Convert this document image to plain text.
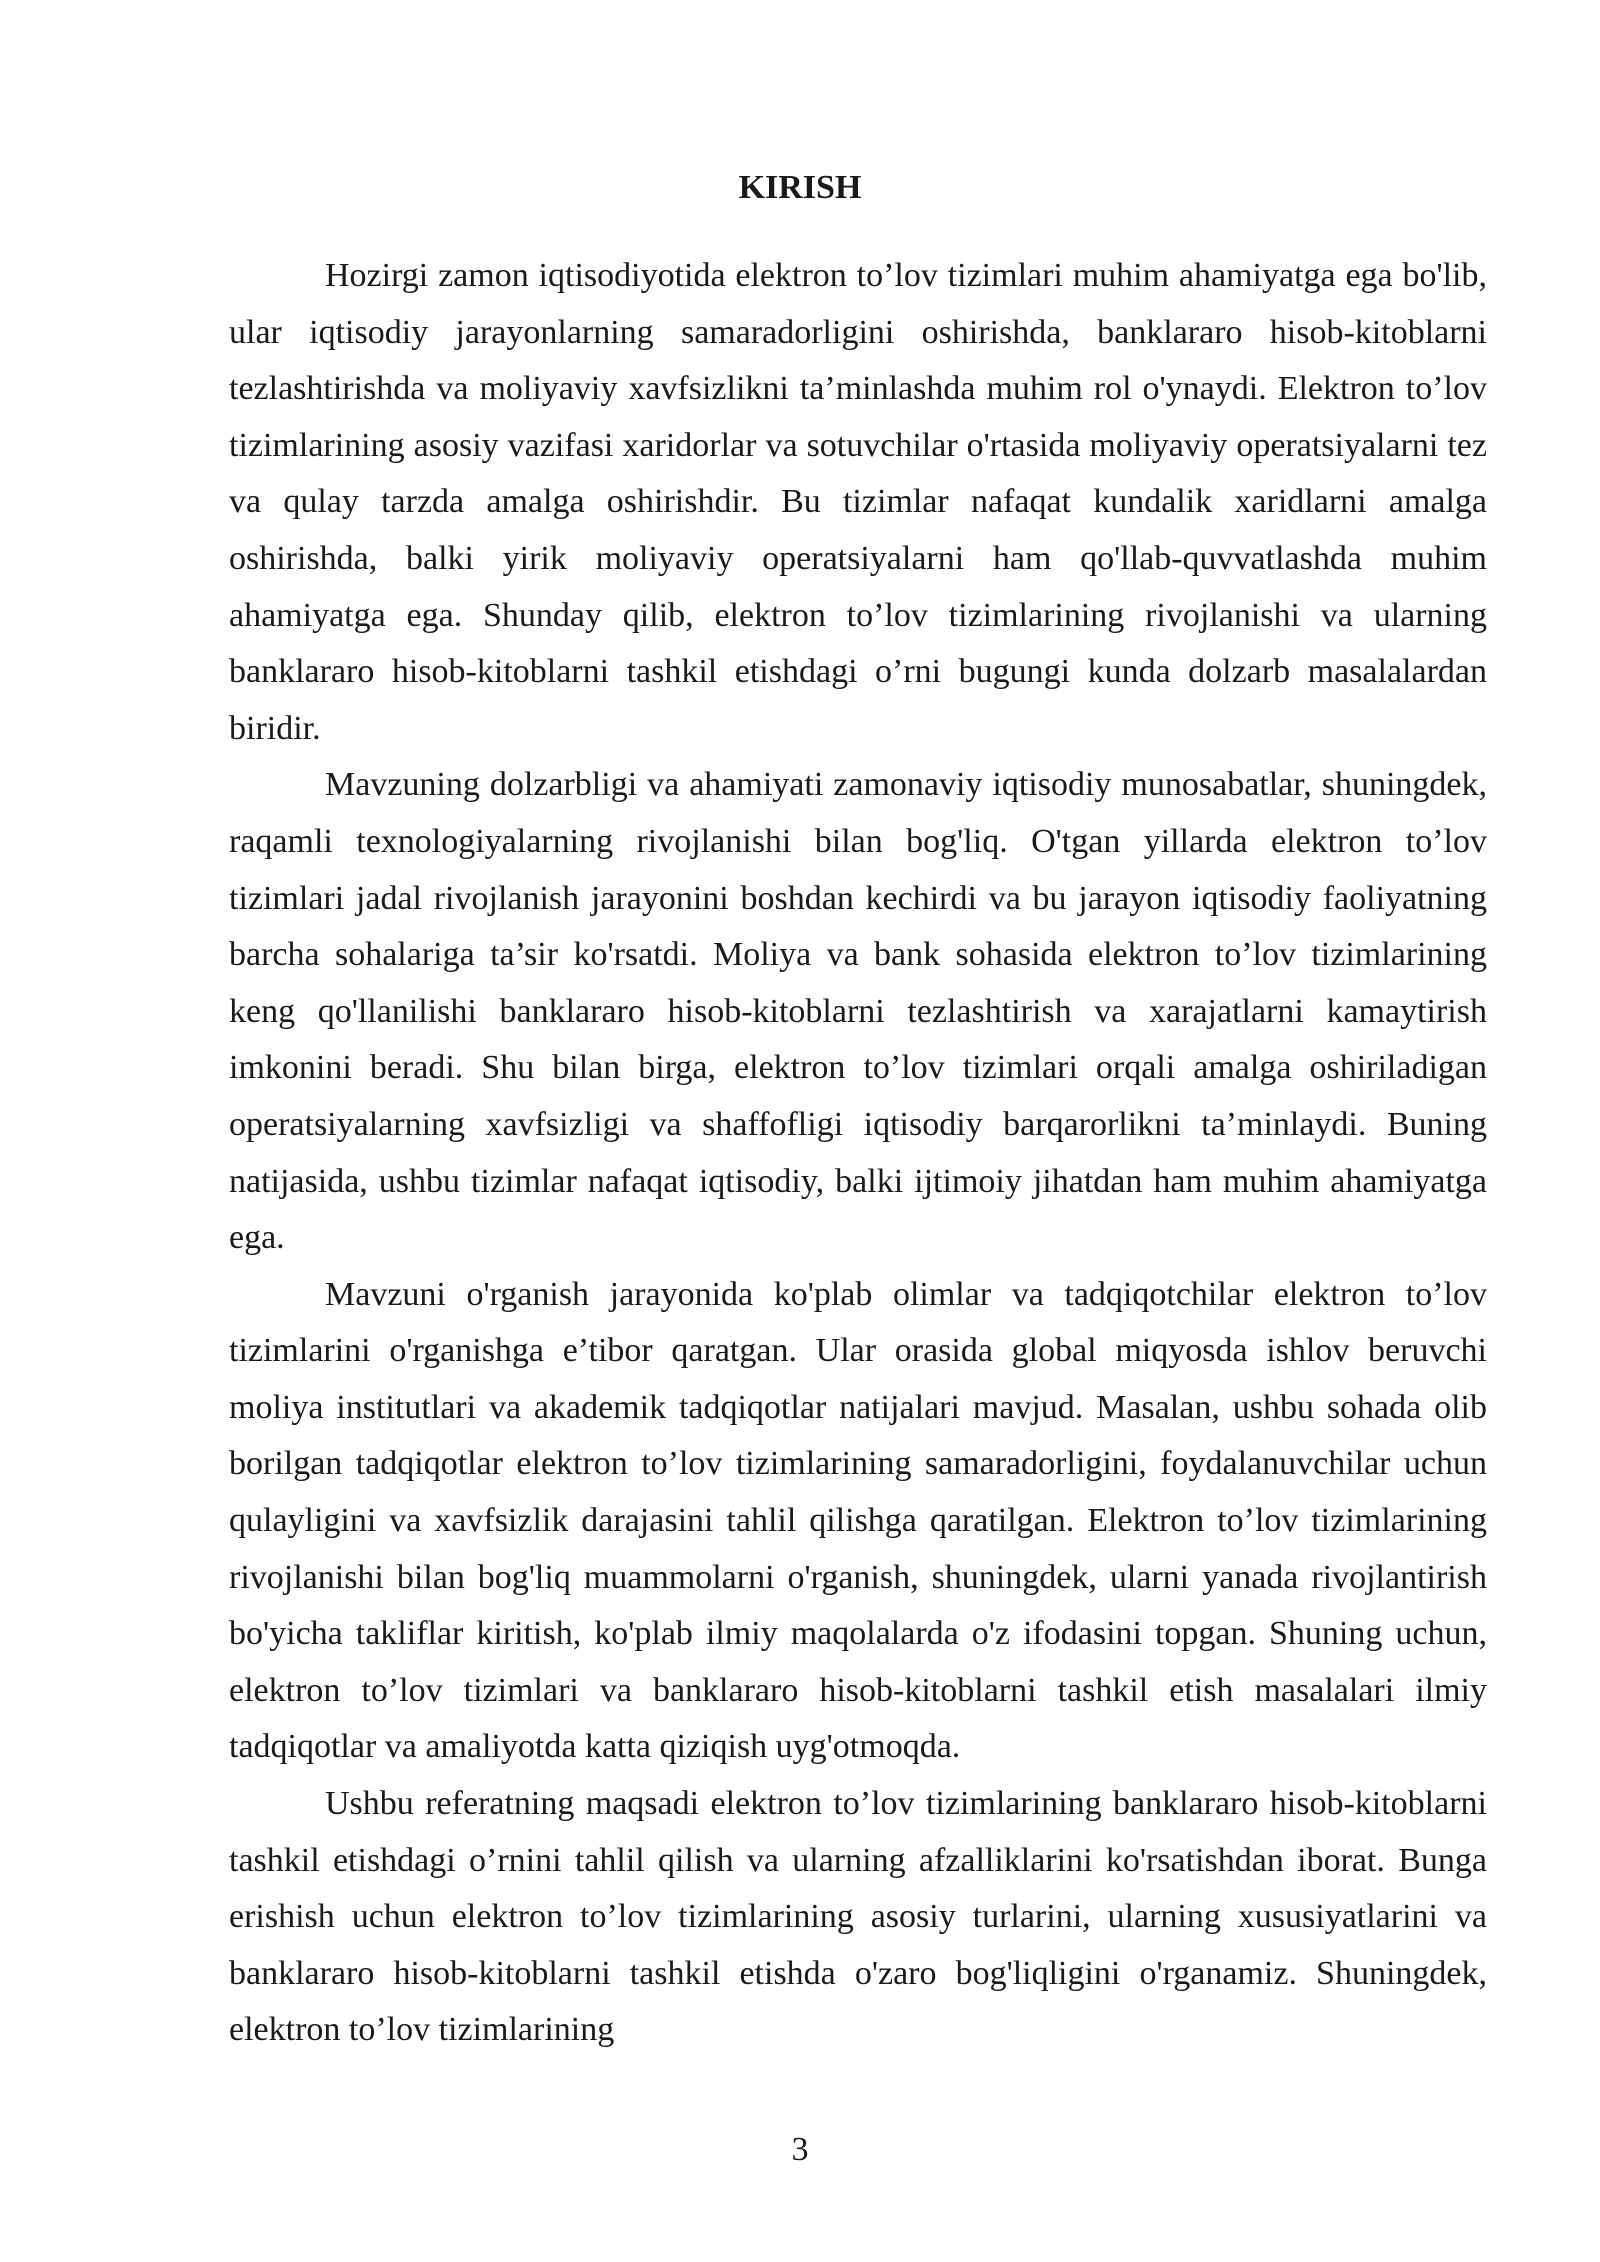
KIRISH

Hozirgi zamon iqtisodiyotida elektron to’lov tizimlari muhim ahamiyatga ega bo'lib, ular iqtisodiy jarayonlarning samaradorligini oshirishda, banklararo hisob-kitoblarni tezlashtirishda va moliyaviy xavfsizlikni ta’minlashda muhim rol o'ynaydi. Elektron to’lov tizimlarining asosiy vazifasi xaridorlar va sotuvchilar o'rtasida moliyaviy operatsiyalarni tez va qulay tarzda amalga oshirishdir. Bu tizimlar nafaqat kundalik xaridlarni amalga oshirishda, balki yirik moliyaviy operatsiyalarni ham qo'llab-quvvatlashda muhim ahamiyatga ega. Shunday qilib, elektron to’lov tizimlarining rivojlanishi va ularning banklararo hisob-kitoblarni tashkil etishdagi o’rni bugungi kunda dolzarb masalalardan biridir.

Mavzuning dolzarbligi va ahamiyati zamonaviy iqtisodiy munosabatlar, shuningdek, raqamli texnologiyalarning rivojlanishi bilan bog'liq. O'tgan yillarda elektron to’lov tizimlari jadal rivojlanish jarayonini boshdan kechirdi va bu jarayon iqtisodiy faoliyatning barcha sohalariga ta’sir ko'rsatdi. Moliya va bank sohasida elektron to’lov tizimlarining keng qo'llanilishi banklararo hisob-kitoblarni tezlashtirish va xarajatlarni kamaytirish imkonini beradi. Shu bilan birga, elektron to’lov tizimlari orqali amalga oshiriladigan operatsiyalarning xavfsizligi va shaffofligi iqtisodiy barqarorlikni ta’minlaydi. Buning natijasida, ushbu tizimlar nafaqat iqtisodiy, balki ijtimoiy jihatdan ham muhim ahamiyatga ega.

Mavzuni o'rganish jarayonida ko'plab olimlar va tadqiqotchilar elektron to’lov tizimlarini o'rganishga e’tibor qaratgan. Ular orasida global miqyosda ishlov beruvchi moliya institutlari va akademik tadqiqotlar natijalari mavjud. Masalan, ushbu sohada olib borilgan tadqiqotlar elektron to’lov tizimlarining samaradorligini, foydalanuvchilar uchun qulayligini va xavfsizlik darajasini tahlil qilishga qaratilgan. Elektron to’lov tizimlarining rivojlanishi bilan bog'liq muammolarni o'rganish, shuningdek, ularni yanada rivojlantirish bo'yicha takliflar kiritish, ko'plab ilmiy maqolalarda o'z ifodasini topgan. Shuning uchun, elektron to’lov tizimlari va banklararo hisob-kitoblarni tashkil etish masalalari ilmiy tadqiqotlar va amaliyotda katta qiziqish uyg'otmoqda.

Ushbu referatning maqsadi elektron to’lov tizimlarining banklararo hisob-kitoblarni tashkil etishdagi o’rnini tahlil qilish va ularning afzalliklarini ko'rsatishdan iborat. Bunga erishish uchun elektron to’lov tizimlarining asosiy turlarini, ularning xususiyatlarini va banklararo hisob-kitoblarni tashkil etishda o'zaro bog'liqligini o'rganamiz. Shuningdek, elektron to’lov tizimlarining

3
